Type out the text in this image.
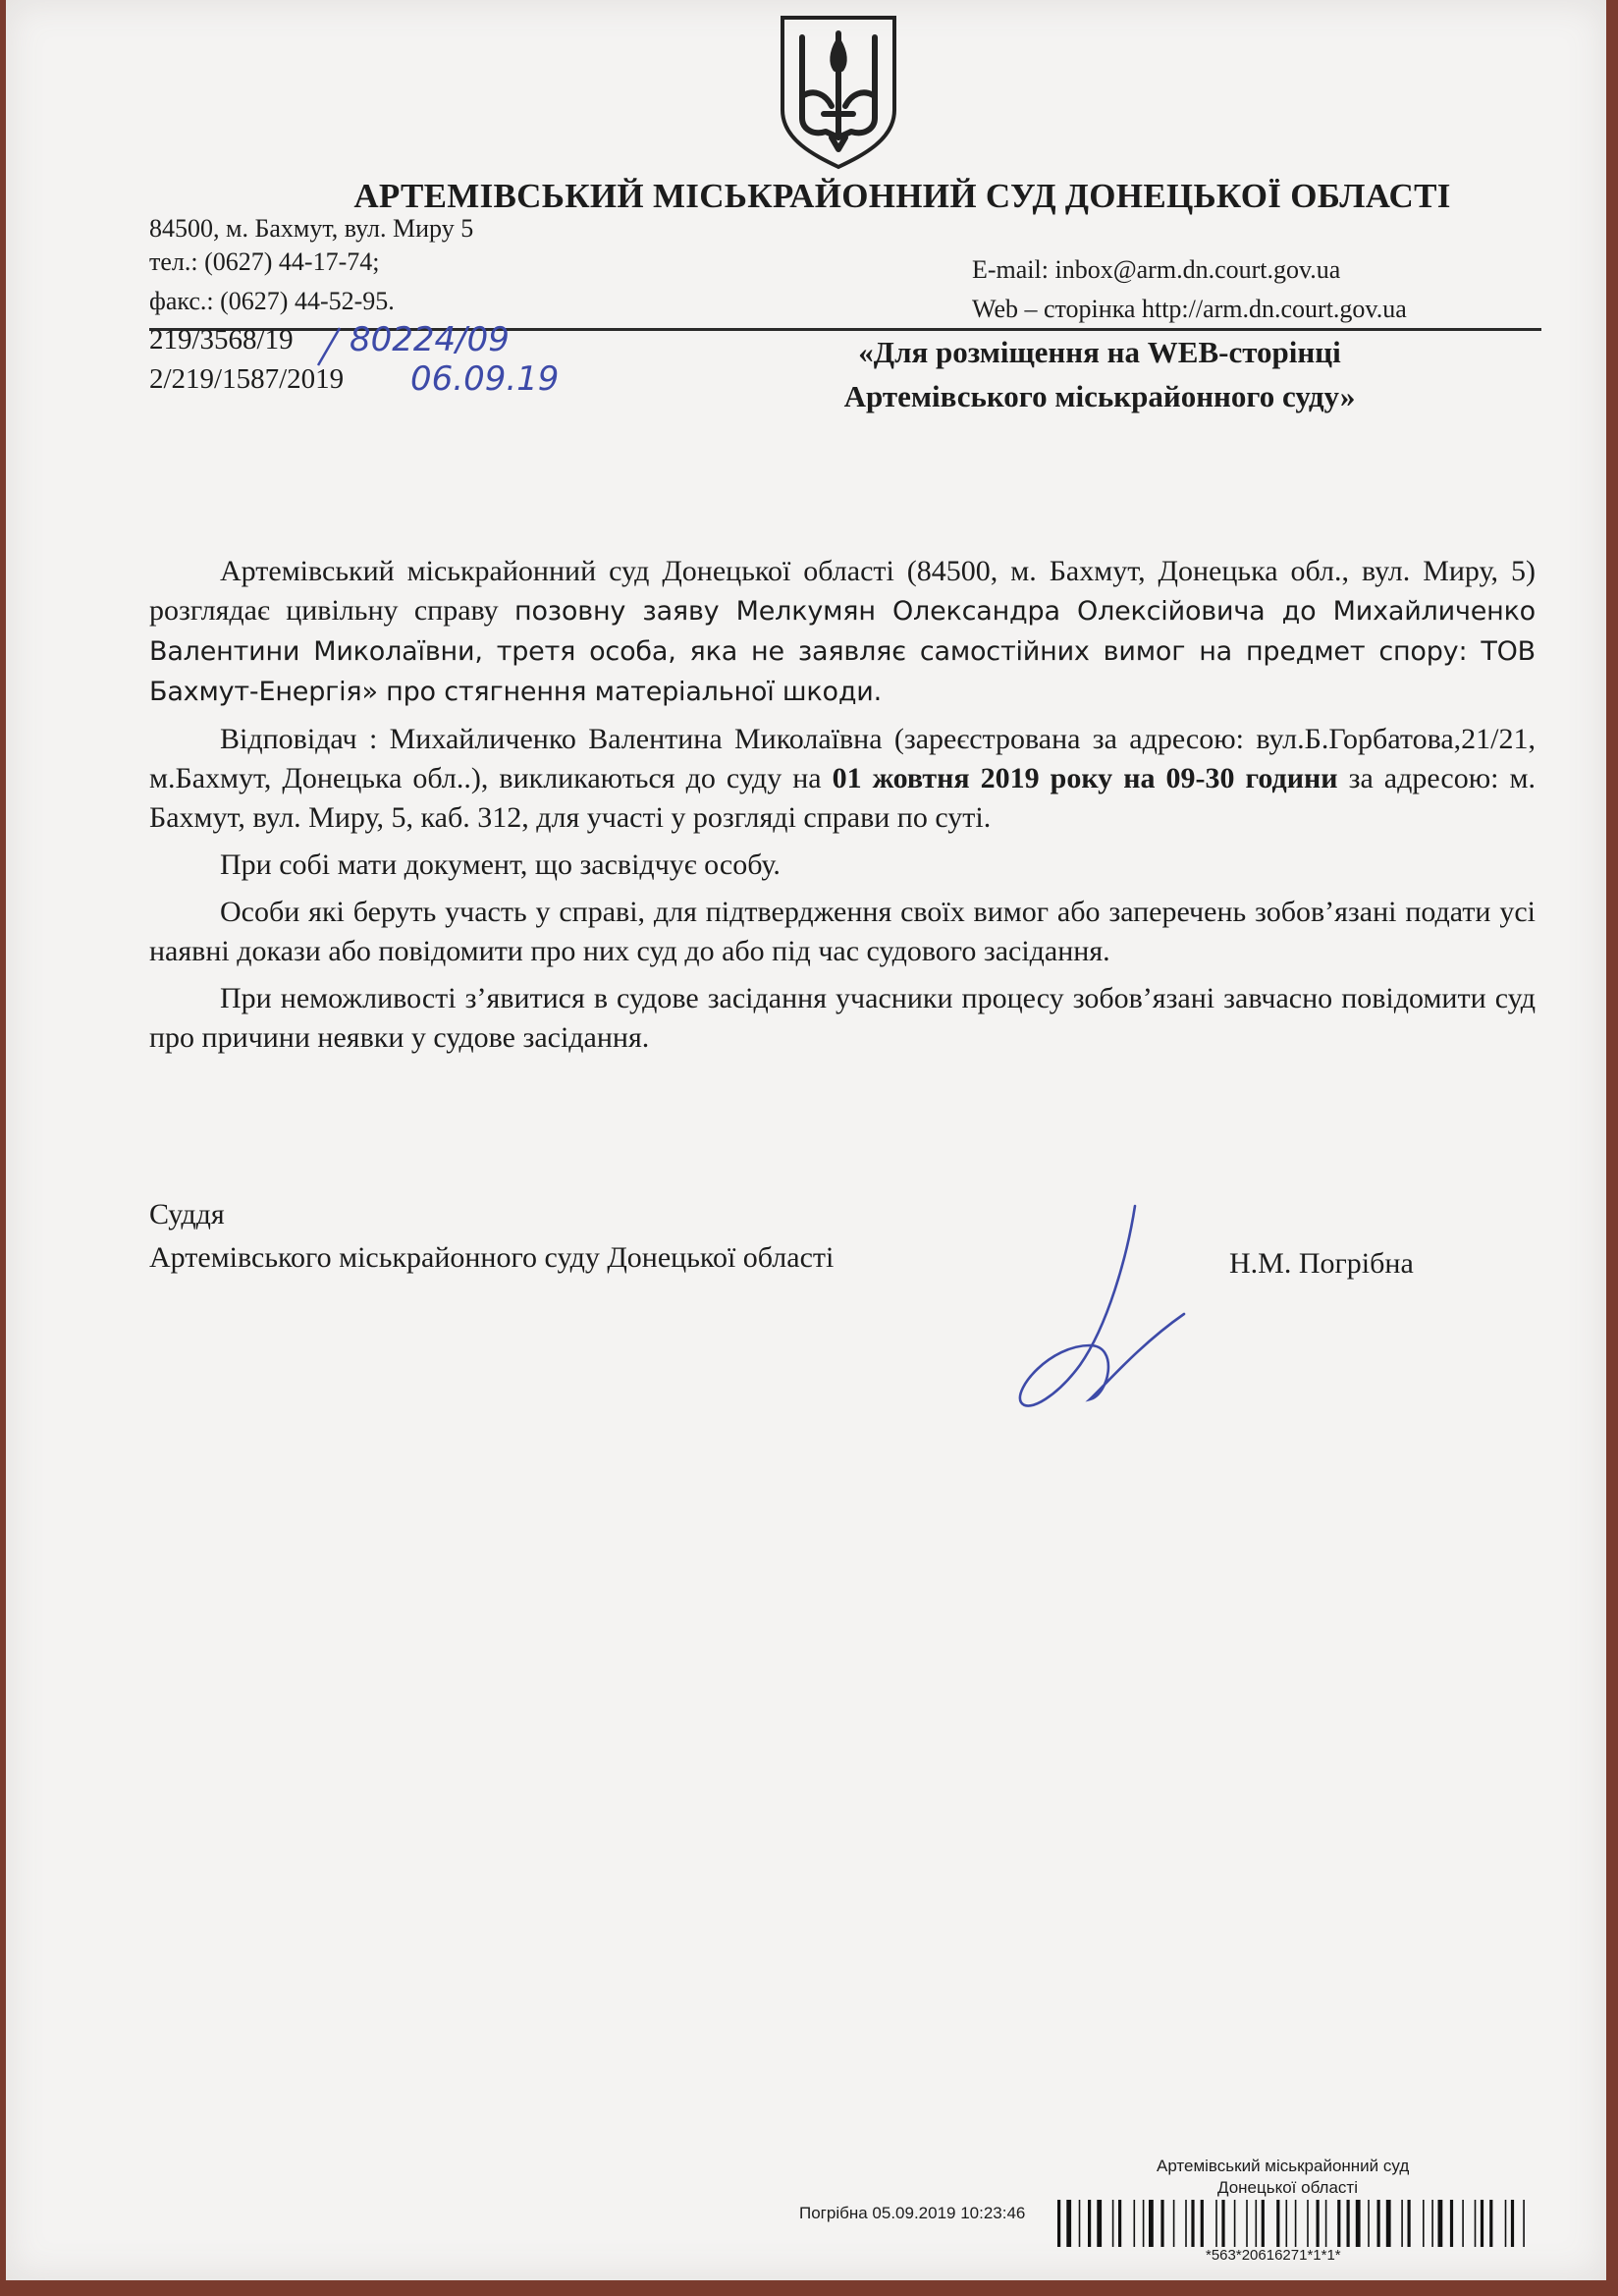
АРТЕМІВСЬКИЙ МІСЬКРАЙОННИЙ СУД ДОНЕЦЬКОЇ ОБЛАСТІ
84500, м. Бахмут, вул. Миру 5
тел.: (0627) 44-17-74;
факс.: (0627) 44-52-95.
E-mail: inbox@arm.dn.court.gov.ua
Web – сторінка http://arm.dn.court.gov.ua
219/3568/19
2/219/1587/2019
80224/09
06.09.19
«Для розміщення на WEB-сторінці
Артемівського міськрайонного суду»

Артемівський міськрайонний суд Донецької області (84500, м. Бахмут, Донецька обл., вул. Миру, 5) розглядає цивільну справу позовну заяву Мелкумян Олександра Олексійовича до Михайличенко Валентини Миколаївни, третя особа, яка не заявляє самостійних вимог на предмет спору: ТОВ Бахмут-Енергія» про стягнення матеріальної шкоди.

Відповідач : Михайличенко Валентина Миколаївна (зареєстрована за адресою: вул.Б.Горбатова,21/21, м.Бахмут, Донецька обл..), викликаються до суду на 01 жовтня 2019 року на 09-30 години за адресою: м. Бахмут, вул. Миру, 5, каб. 312, для участі у розгляді справи по суті.

При собі мати документ, що засвідчує особу.

Особи які беруть участь у справі, для підтвердження своїх вимог або заперечень зобов’язані подати усі наявні докази або повідомити про них суд до або під час судового засідання.

При неможливості з’явитися в судове засідання учасники процесу зобов’язані завчасно повідомити суд про причини неявки у судове засідання.

Суддя
Артемівського міськрайонного суду Донецької області	Н.М. Погрібна
Артемівський міськрайонний суд
Донецької області
Погрібна 05.09.2019 10:23:46
*563*20616271*1*1*
